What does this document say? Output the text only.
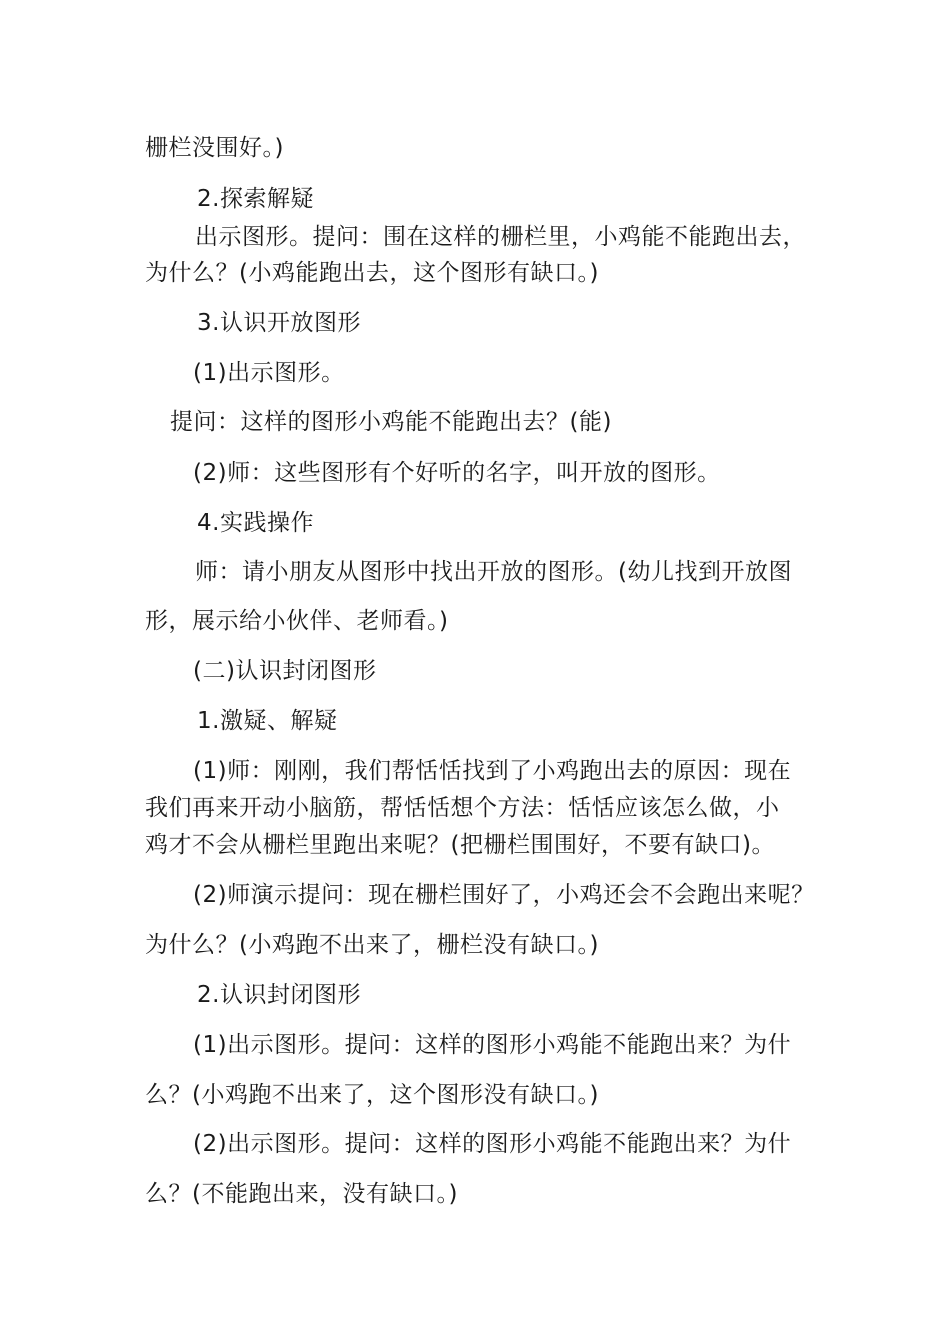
栅栏没围好。)
2.探索解疑
出示图形。提问：围在这样的栅栏里，小鸡能不能跑出去，
为什么？(小鸡能跑出去，这个图形有缺口。)
3.认识开放图形
(1)出示图形。
提问：这样的图形小鸡能不能跑出去？(能)
(2)师：这些图形有个好听的名字，叫开放的图形。
4.实践操作
师：请小朋友从图形中找出开放的图形。(幼儿找到开放图
形，展示给小伙伴、老师看。)
(二)认识封闭图形
1.激疑、解疑
(1)师：刚刚，我们帮恬恬找到了小鸡跑出去的原因：现在
我们再来开动小脑筋，帮恬恬想个方法：恬恬应该怎么做，小
鸡才不会从栅栏里跑出来呢？(把栅栏围围好，不要有缺口)。
(2)师演示提问：现在栅栏围好了，小鸡还会不会跑出来呢？
为什么？(小鸡跑不出来了，栅栏没有缺口。)
2.认识封闭图形
(1)出示图形。提问：这样的图形小鸡能不能跑出来？为什
么？(小鸡跑不出来了，这个图形没有缺口。)
(2)出示图形。提问：这样的图形小鸡能不能跑出来？为什
么？(不能跑出来，没有缺口。)
